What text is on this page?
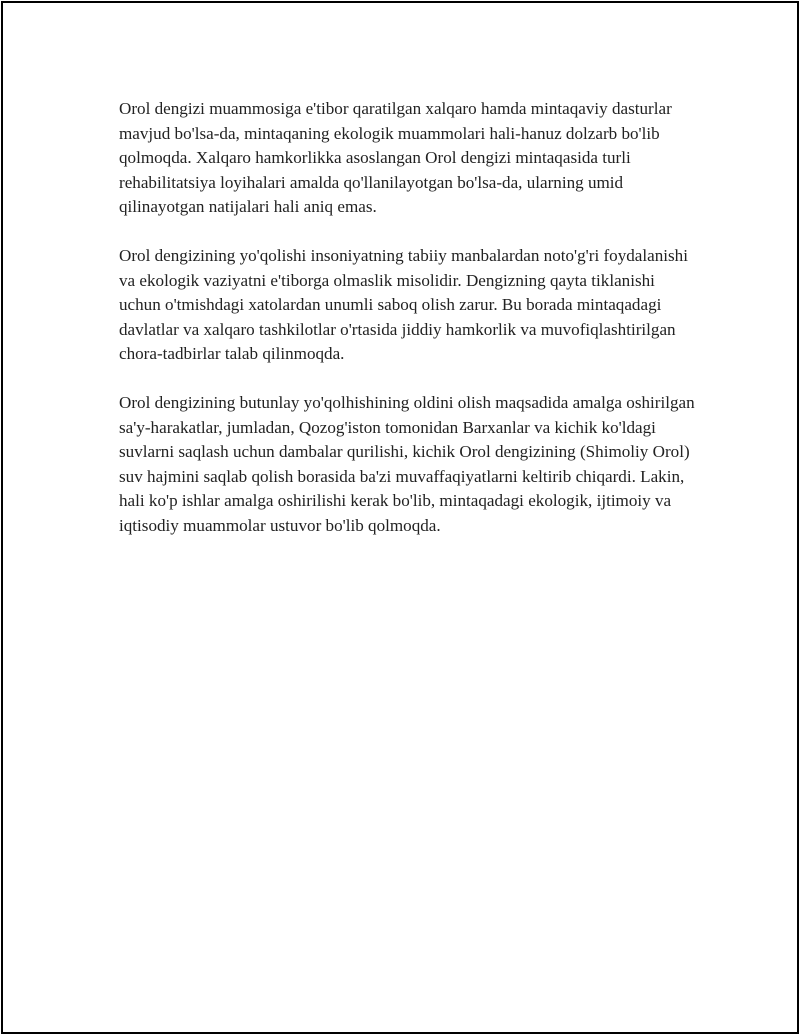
Orol dengizi muammosiga e'tibor qaratilgan xalqaro hamda mintaqaviy dasturlar mavjud bo'lsa-da, mintaqaning ekologik muammolari hali-hanuz dolzarb bo'lib qolmoqda. Xalqaro hamkorlikka asoslangan Orol dengizi mintaqasida turli rehabilitatsiya loyihalari amalda qo'llanilayotgan bo'lsa-da, ularning umid qilinayotgan natijalari hali aniq emas.

Orol dengizining yo'qolishi insoniyatning tabiiy manbalardan noto'g'ri foydalanishi va ekologik vaziyatni e'tiborga olmaslik misolidir. Dengizning qayta tiklanishi uchun o'tmishdagi xatolardan unumli saboq olish zarur. Bu borada mintaqadagi davlatlar va xalqaro tashkilotlar o'rtasida jiddiy hamkorlik va muvofiqlashtirilgan chora-tadbirlar talab qilinmoqda.

Orol dengizining butunlay yo'qolhishining oldini olish maqsadida amalga oshirilgan sa'y-harakatlar, jumladan, Qozog'iston tomonidan Barxanlar va kichik ko'ldagi suvlarni saqlash uchun dambalar qurilishi, kichik Orol dengizining (Shimoliy Orol) suv hajmini saqlab qolish borasida ba'zi muvaffaqiyatlarni keltirib chiqardi. Lakin, hali ko'p ishlar amalga oshirilishi kerak bo'lib, mintaqadagi ekologik, ijtimoiy va iqtisodiy muammolar ustuvor bo'lib qolmoqda.
